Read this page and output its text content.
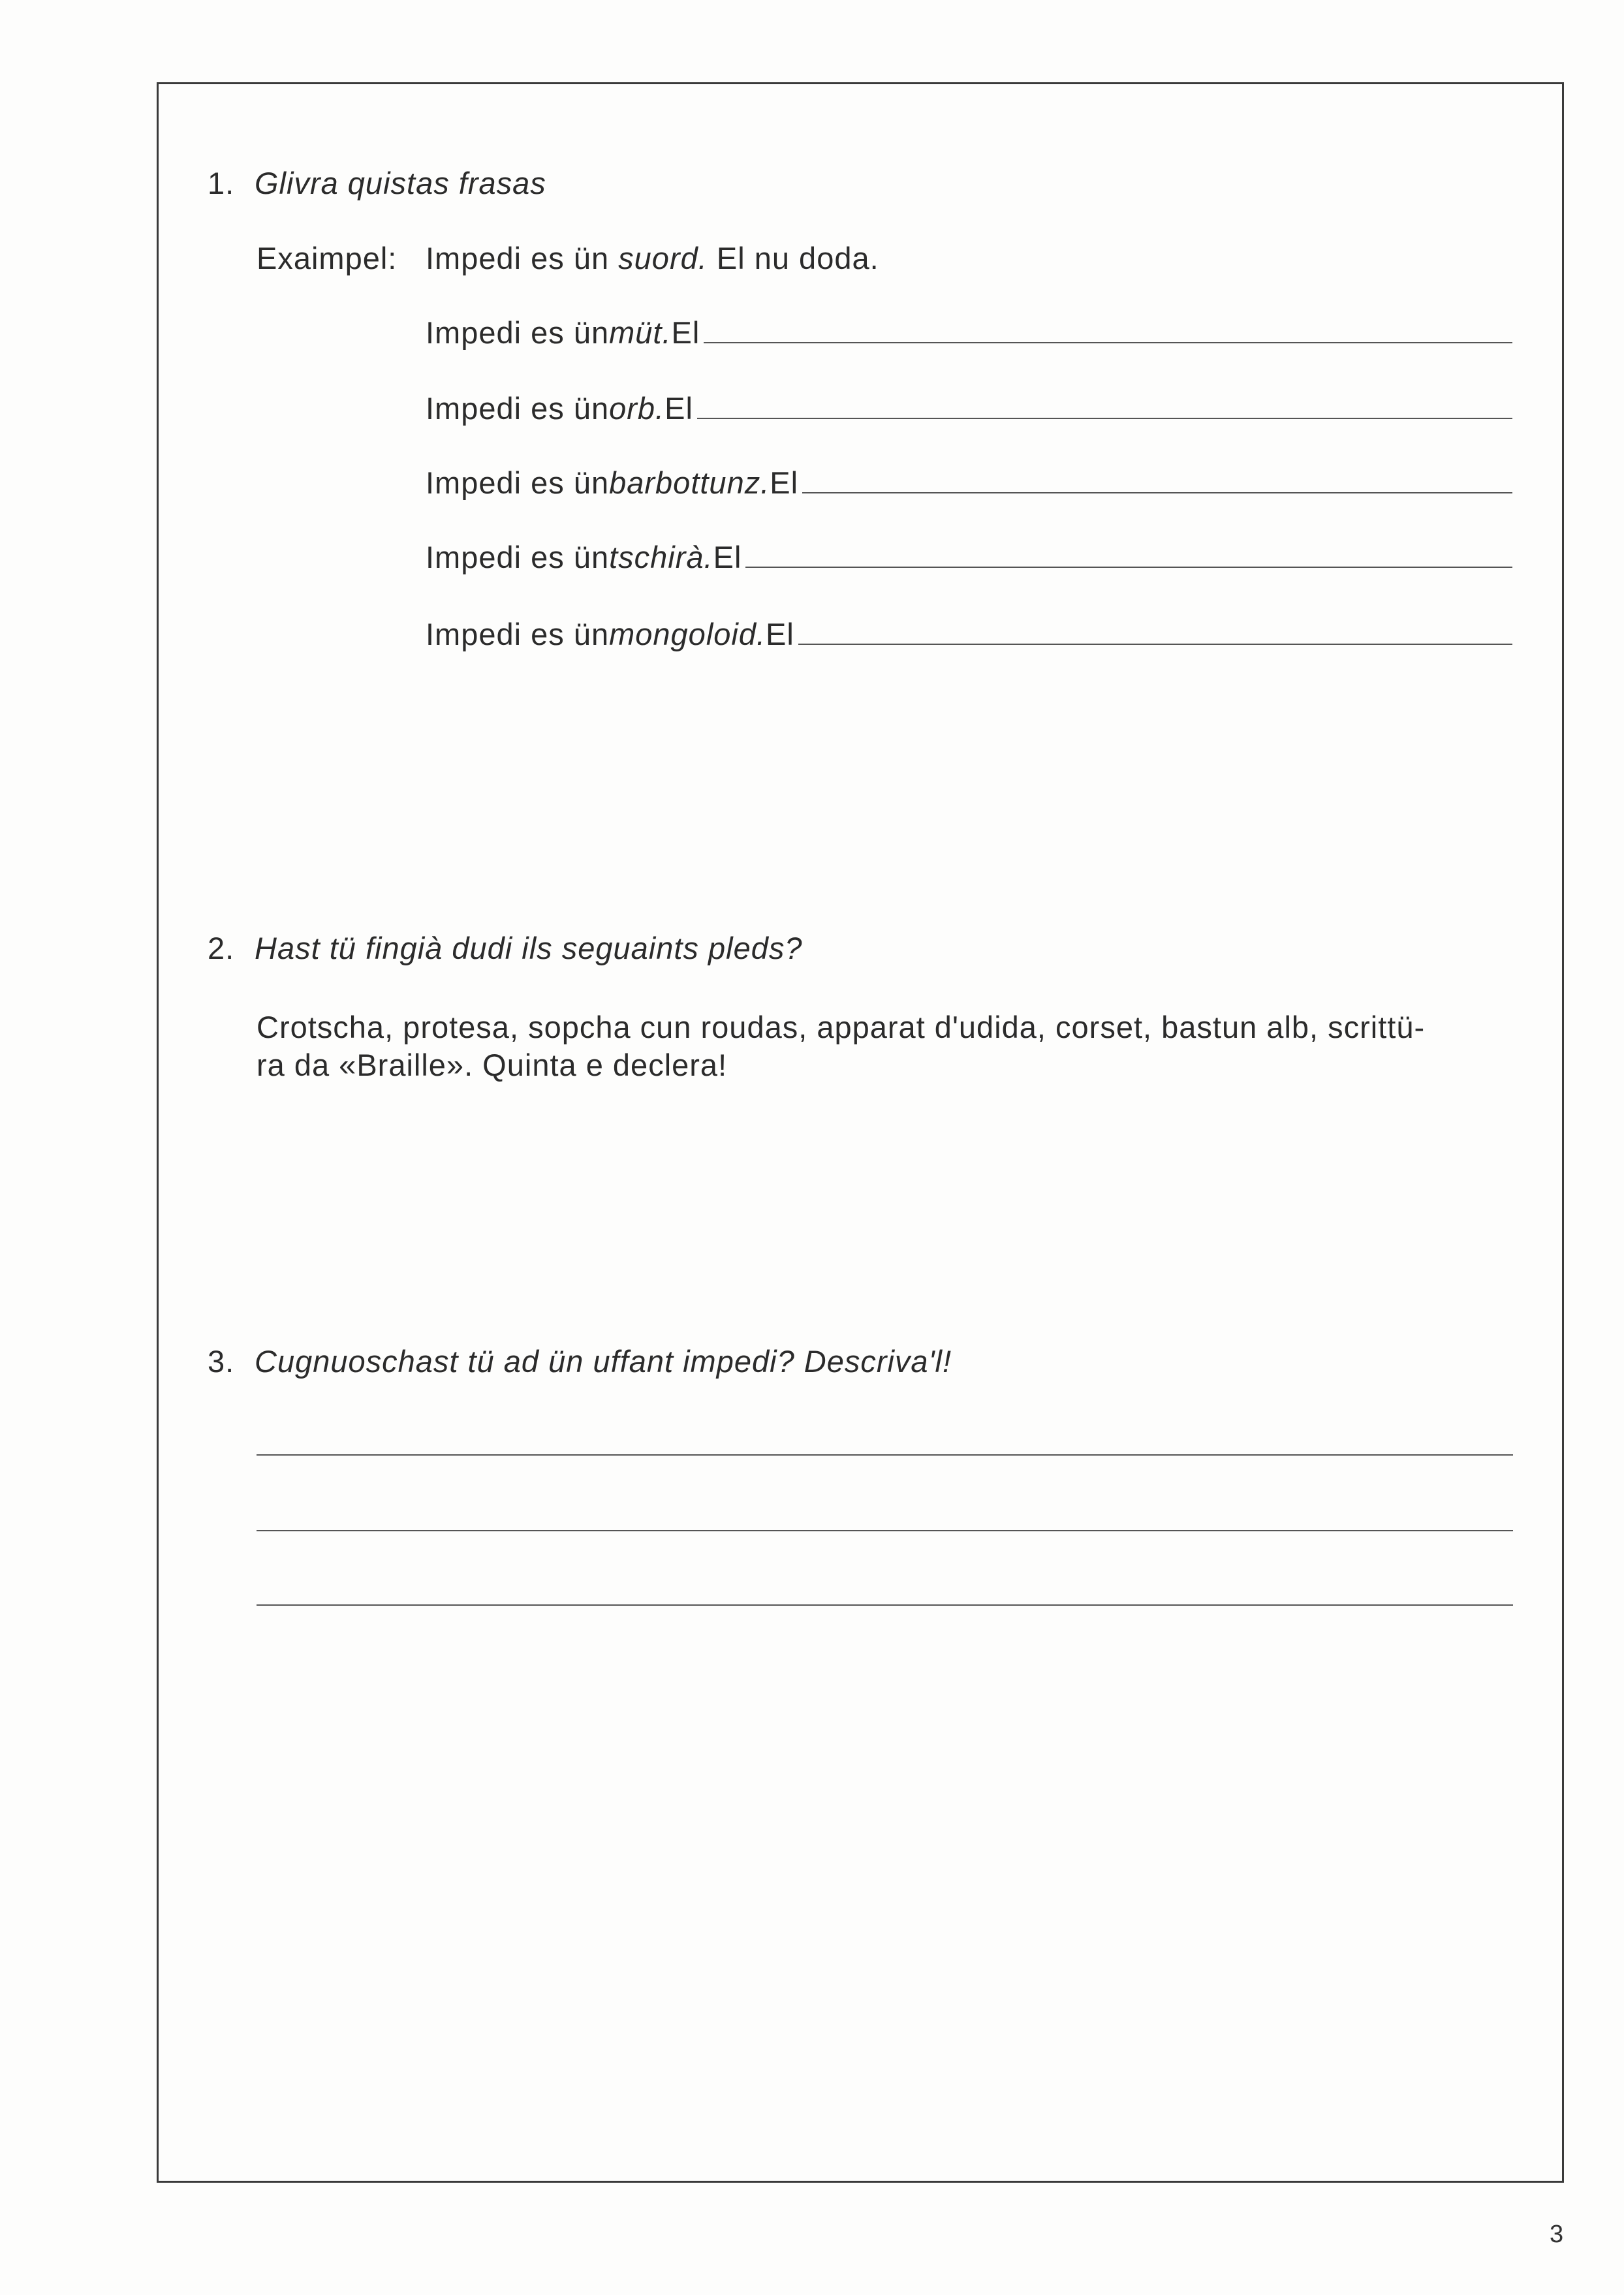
1. Glivra quistas frasas
Exaimpel: Impedi es ün suord. El nu doda.
Impedi es ün müt. El
Impedi es ün orb. El
Impedi es ün barbottunz. El
Impedi es ün tschirà. El
Impedi es ün mongoloid. El
2. Hast tü fingià dudi ils seguaints pleds?
Crotscha, protesa, sopcha cun roudas, apparat d'udida, corset, bastun alb, scrittü-
ra da «Braille». Quinta e declera!
3. Cugnuoschast tü ad ün uffant impedi? Descriva'l!
3
